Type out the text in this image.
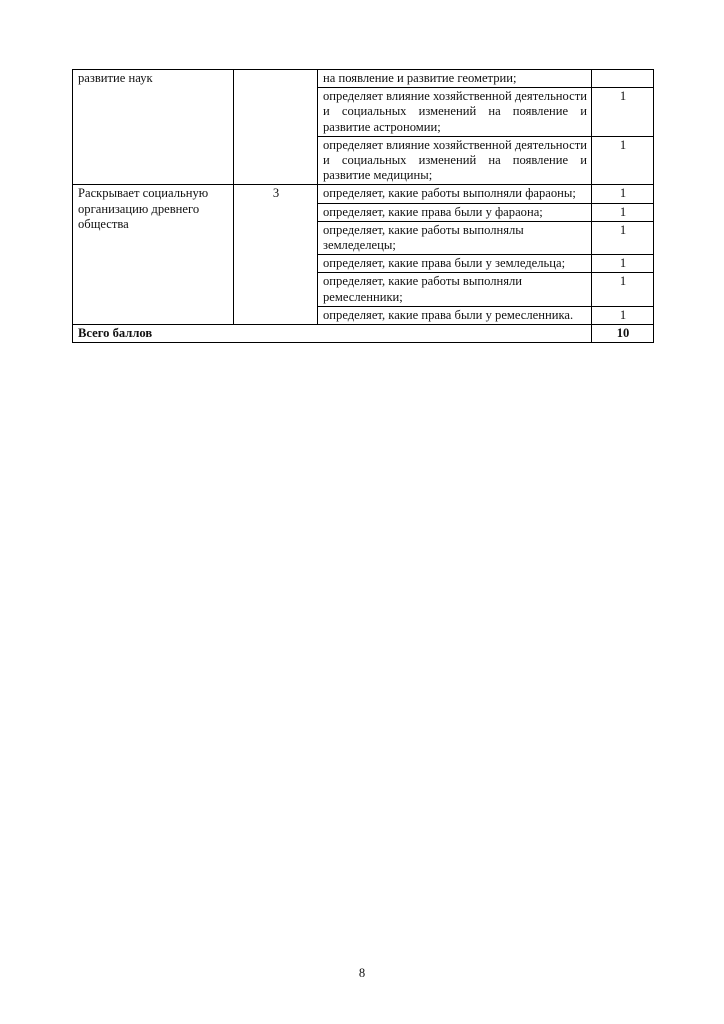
развитие наук		на появление и развитие геометрии;	
		определяет влияние хозяйственной деятельности и социальных изменений на появление и развитие астрономии;	1
		определяет влияние хозяйственной деятельности и социальных изменений на появление и развитие медицины;	1
Раскрывает социальную организацию древнего общества	3	определяет, какие работы выполняли фараоны;	1
		определяет, какие права были у фараона;	1
		определяет, какие работы выполнялы земледелецы;	1
		определяет, какие права были у земледельца;	1
		определяет, какие работы выполняли ремесленники;	1
		определяет, какие права были у ремесленника.	1
Всего баллов			10
8
